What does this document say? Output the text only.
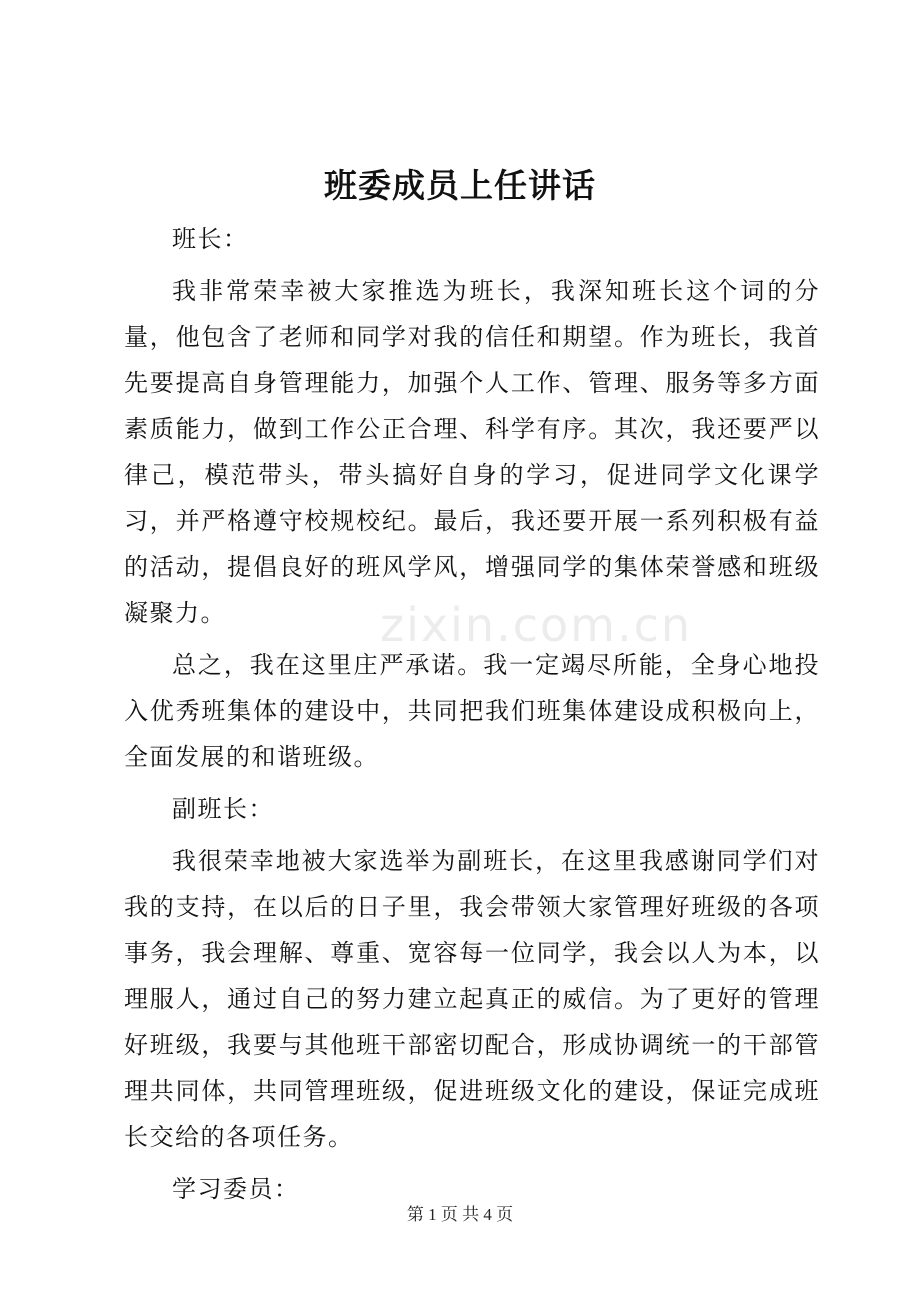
班委成员上任讲话

班长：

我非常荣幸被大家推选为班长，我深知班长这个词的分量，他包含了老师和同学对我的信任和期望。作为班长，我首先要提高自身管理能力，加强个人工作、管理、服务等多方面素质能力，做到工作公正合理、科学有序。其次，我还要严以律己，模范带头，带头搞好自身的学习，促进同学文化课学习，并严格遵守校规校纪。最后，我还要开展一系列积极有益的活动，提倡良好的班风学风，增强同学的集体荣誉感和班级凝聚力。

总之，我在这里庄严承诺。我一定竭尽所能，全身心地投入优秀班集体的建设中，共同把我们班集体建设成积极向上，全面发展的和谐班级。

副班长：

我很荣幸地被大家选举为副班长，在这里我感谢同学们对我的支持，在以后的日子里，我会带领大家管理好班级的各项事务，我会理解、尊重、宽容每一位同学，我会以人为本，以理服人，通过自己的努力建立起真正的威信。为了更好的管理好班级，我要与其他班干部密切配合，形成协调统一的干部管理共同体，共同管理班级，促进班级文化的建设，保证完成班长交给的各项任务。

学习委员：

zixin.com.cn
第 1 页 共 4 页
